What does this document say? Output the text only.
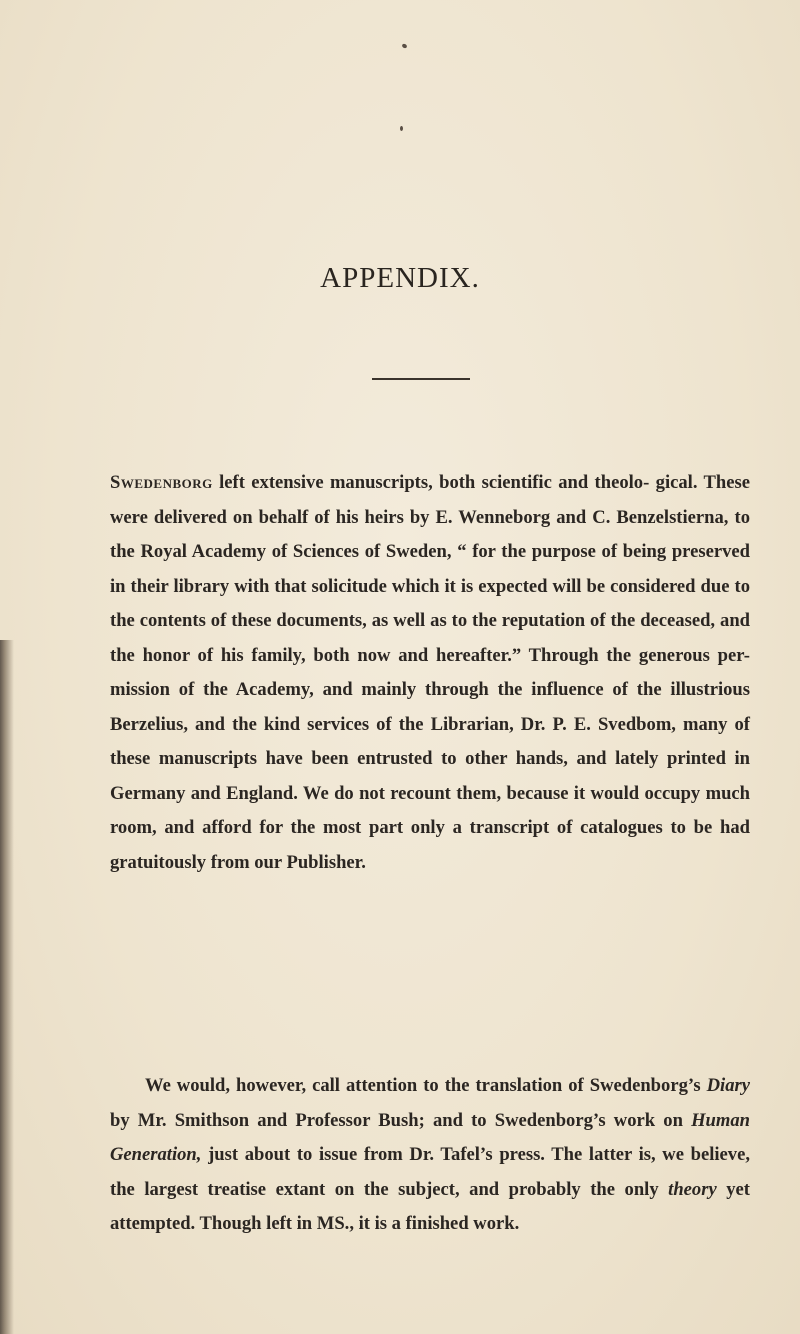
APPENDIX.

Swedenborg left extensive manuscripts, both scientific and theolo- gical. These were delivered on behalf of his heirs by E. Wenneborg and C. Benzelstierna, to the Royal Academy of Sciences of Sweden, “ for the purpose of being preserved in their library with that solicitude which it is expected will be considered due to the contents of these documents, as well as to the reputation of the deceased, and the honor of his family, both now and hereafter.” Through the generous per- mission of the Academy, and mainly through the influence of the illustrious Berzelius, and the kind services of the Librarian, Dr. P. E. Svedbom, many of these manuscripts have been entrusted to other hands, and lately printed in Germany and England. We do not recount them, because it would occupy much room, and afford for the most part only a transcript of catalogues to be had gratuitously from our Publisher.

We would, however, call attention to the translation of Swedenborg’s Diary by Mr. Smithson and Professor Bush; and to Swedenborg’s work on Human Generation, just about to issue from Dr. Tafel’s press. The latter is, we believe, the largest treatise extant on the subject, and probably the only theory yet attempted. Though left in MS., it is a finished work.
